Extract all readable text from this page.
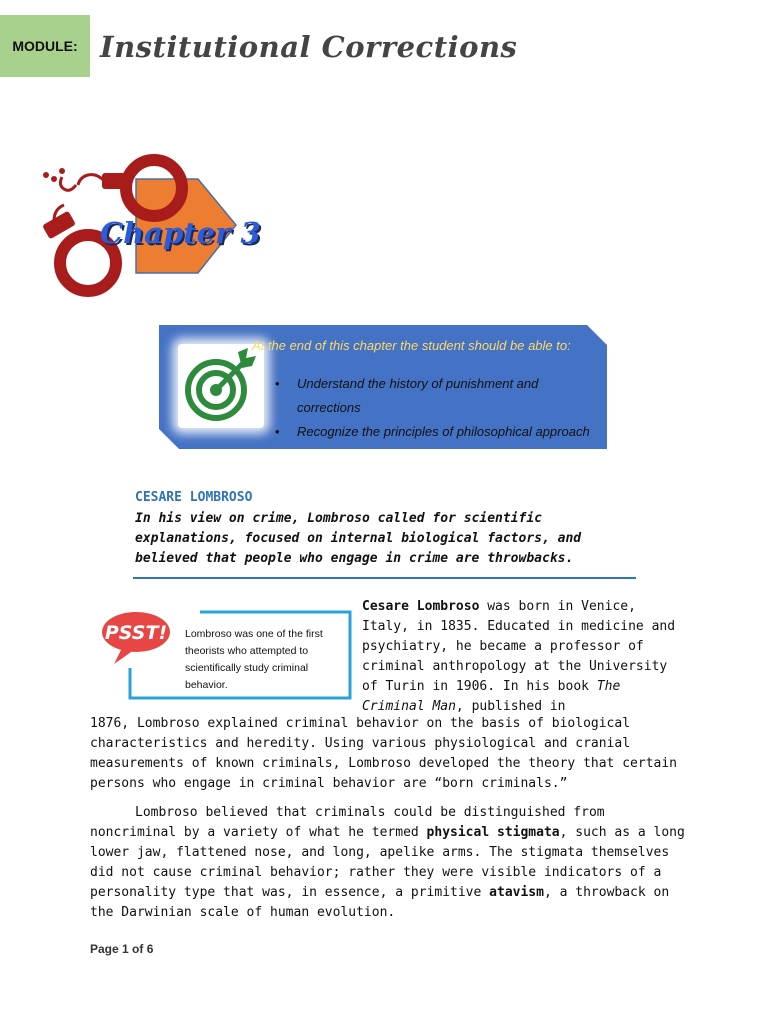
MODULE: Institutional Corrections
Chapter 3
At the end of this chapter the student should be able to:
• Understand the history of punishment and corrections
• Recognize the principles of philosophical approach
CESARE LOMBROSO
In his view on crime, Lombroso called for scientific explanations, focused on internal biological factors, and believed that people who engage in crime are throwbacks.
PSST! Lombroso was one of the first theorists who attempted to scientifically study criminal behavior.
Cesare Lombroso was born in Venice, Italy, in 1835. Educated in medicine and psychiatry, he became a professor of criminal anthropology at the University of Turin in 1906. In his book The Criminal Man, published in
1876, Lombroso explained criminal behavior on the basis of biological characteristics and heredity. Using various physiological and cranial measurements of known criminals, Lombroso developed the theory that certain persons who engage in criminal behavior are “born criminals.”
Lombroso believed that criminals could be distinguished from noncriminal by a variety of what he termed physical stigmata, such as a long lower jaw, flattened nose, and long, apelike arms. The stigmata themselves did not cause criminal behavior; rather they were visible indicators of a personality type that was, in essence, a primitive atavism, a throwback on the Darwinian scale of human evolution.
Page 1 of 6
